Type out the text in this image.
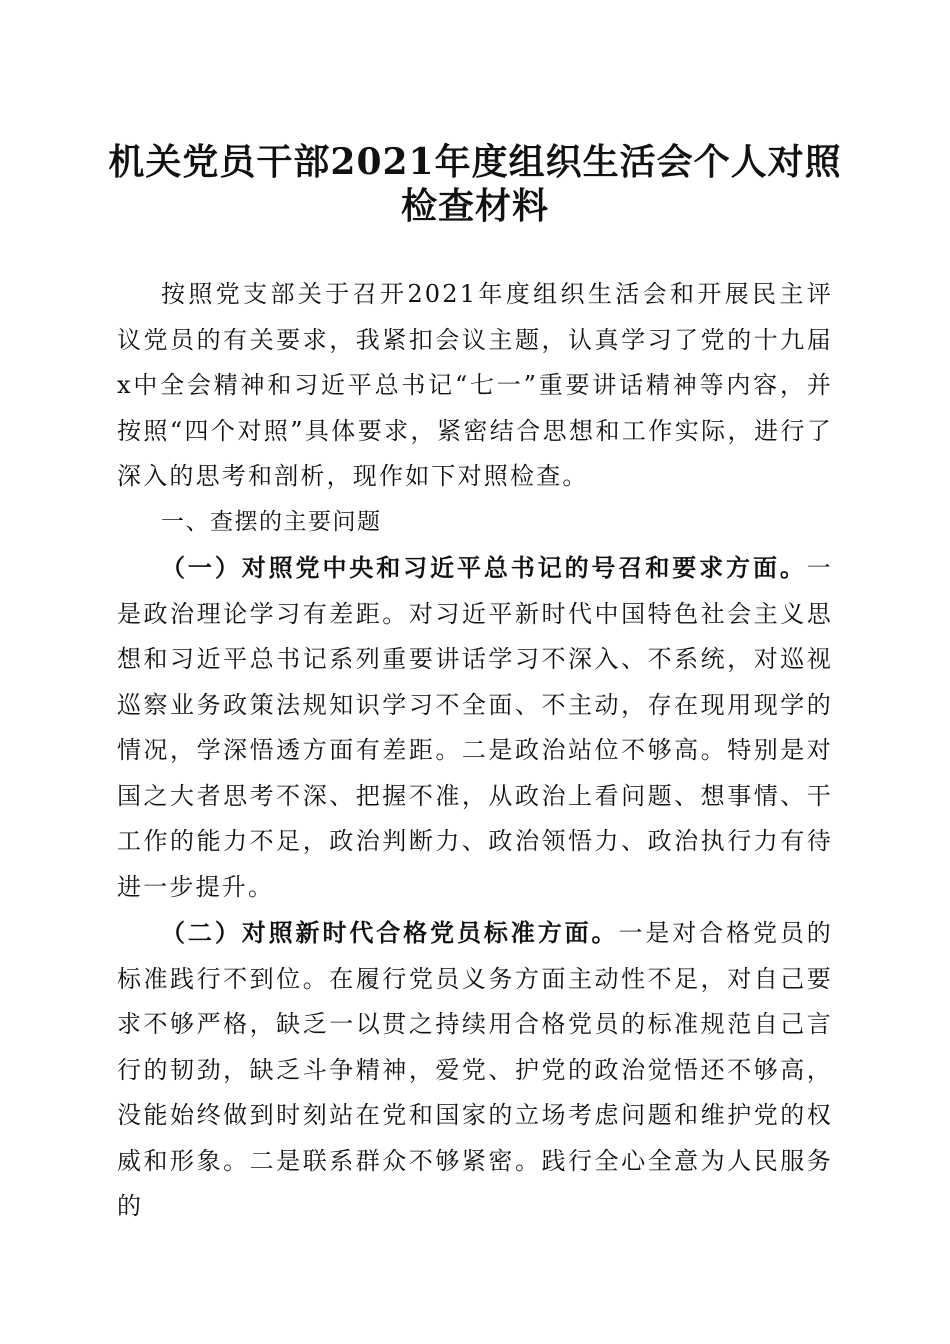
机关党员干部2021年度组织生活会个人对照
检查材料

按照党支部关于召开2021年度组织生活会和开展民主评议党员的有关要求，我紧扣会议主题，认真学习了党的十九届x中全会精神和习近平总书记“七一”重要讲话精神等内容，并按照“四个对照”具体要求，紧密结合思想和工作实际，进行了深入的思考和剖析，现作如下对照检查。

一、查摆的主要问题

（一）对照党中央和习近平总书记的号召和要求方面。一是政治理论学习有差距。对习近平新时代中国特色社会主义思想和习近平总书记系列重要讲话学习不深入、不系统，对巡视巡察业务政策法规知识学习不全面、不主动，存在现用现学的情况，学深悟透方面有差距。二是政治站位不够高。特别是对国之大者思考不深、把握不准，从政治上看问题、想事情、干工作的能力不足，政治判断力、政治领悟力、政治执行力有待进一步提升。

（二）对照新时代合格党员标准方面。一是对合格党员的标准践行不到位。在履行党员义务方面主动性不足，对自己要求不够严格，缺乏一以贯之持续用合格党员的标准规范自己言行的韧劲，缺乏斗争精神，爱党、护党的政治觉悟还不够高，没能始终做到时刻站在党和国家的立场考虑问题和维护党的权威和形象。二是联系群众不够紧密。践行全心全意为人民服务的
